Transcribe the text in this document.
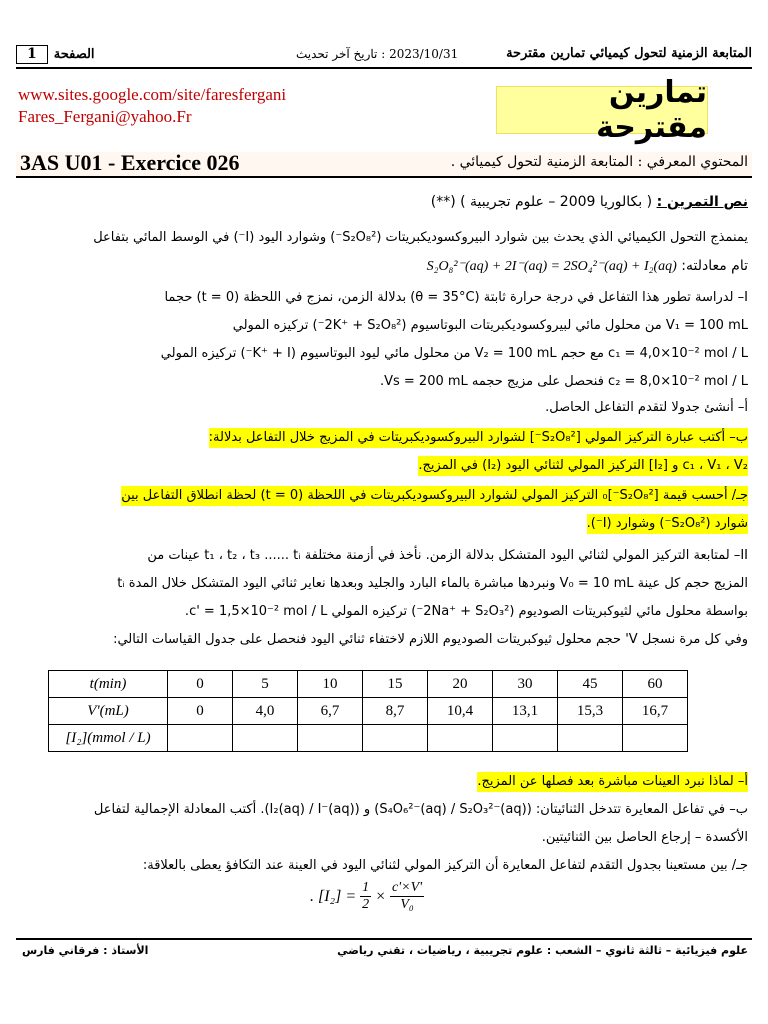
1	الصفحة	2023/10/31 : تاريخ آخر تحديث	المتابعة الزمنية لتحول كيميائي تمارين مقترحة
www.sites.google.com/site/faresfergani
Fares_Fergani@yahoo.Fr
تمارين مقترحة
3AS U01 - Exercice 026	المحتوي المعرفي : المتابعة الزمنية لتحول كيميائي .
نص التمرين : ( بكالوريا 2009 – علوم تجريبية ) (**)
يمنمذج التحول الكيميائي الذي يحدث بين شوارد البيروكسوديكبريتات (S₂O₈²⁻) وشوارد اليود (I⁻) في الوسط المائي بتفاعل
تام معادلته: S₂O₈²⁻(aq) + 2I⁻(aq) = 2SO₄²⁻(aq) + I₂(aq)
I– لدراسة تطور هذا التفاعل في درجة حرارة ثابتة (θ = 35°C) بدلالة الزمن، نمزج في اللحظة (t = 0) حجما
V₁ = 100 mL من محلول مائي لبيروكسوديكبريتات البوتاسيوم (2K⁺ + S₂O₈²⁻) تركيزه المولي
c₁ = 4,0×10⁻² mol / L مع حجم V₂ = 100 mL من محلول مائي ليود البوتاسيوم (K⁺ + I⁻) تركيزه المولي
c₂ = 8,0×10⁻² mol / L فنحصل على مزيج حجمه Vs = 200 mL.
أ– أنشئ جدولا لتقدم التفاعل الحاصل.
ب– أكتب عبارة التركيز المولي [S₂O₈²⁻] لشوارد البيروكسوديكبريتات في المزيج خلال التفاعل بدلالة:
c₁ ، V₁ ، V₂ و [I₂] التركيز المولي لثنائي اليود (I₂) في المزيج.
جـ/ أحسب قيمة [S₂O₈²⁻]₀ التركيز المولي لشوارد البيروكسوديكبريتات في اللحظة (t = 0) لحظة انطلاق التفاعل بين
شوارد (S₂O₈²⁻) وشوارد (I⁻).
II– لمتابعة التركيز المولي لثنائي اليود المتشكل بدلالة الزمن. نأخذ في أزمنة مختلفة t₁ ، t₂ ، t₃ ...... tᵢ عينات من
المزيج حجم كل عينة V₀ = 10 mL ونبردها مباشرة بالماء البارد والجليد وبعدها نعاير ثنائي اليود المتشكل خلال المدة tᵢ
بواسطة محلول مائي لثيوكبريتات الصوديوم (2Na⁺ + S₂O₃²⁻) تركيزه المولي c' = 1,5×10⁻² mol / L.
وفي كل مرة نسجل V' حجم محلول ثيوكبريتات الصوديوم اللازم لاختفاء ثنائي اليود فنحصل على جدول القياسات التالي:
t(min)	0	5	10	15	20	30	45	60
V'(mL)	0	4,0	6,7	8,7	10,4	13,1	15,3	16,7
[I₂](mmol / L)								
أ– لماذا نبرد العينات مباشرة بعد فصلها عن المزيج.
ب– في تفاعل المعايرة تتدخل الثنائيتان: (S₄O₆²⁻(aq) / S₂O₃²⁻(aq)) و (I₂(aq) / I⁻(aq)). أكتب المعادلة الإجمالية لتفاعل
الأكسدة – إرجاع الحاصل بين الثنائيتين.
جـ/ بين مستعينا بجدول التقدم لتفاعل المعايرة أن التركيز المولي لثنائي اليود في العينة عند التكافؤ يعطى بالعلاقة:
. $[I_2] = \frac{1}{2} \times \frac{c'\times V'}{\text{V₀}}$
الأستاذ : فرقاني فارس	علوم فيزيائية – ثالثة ثانوي – الشعب : علوم تجريبية ، رياضيات ، تقني رياضي
